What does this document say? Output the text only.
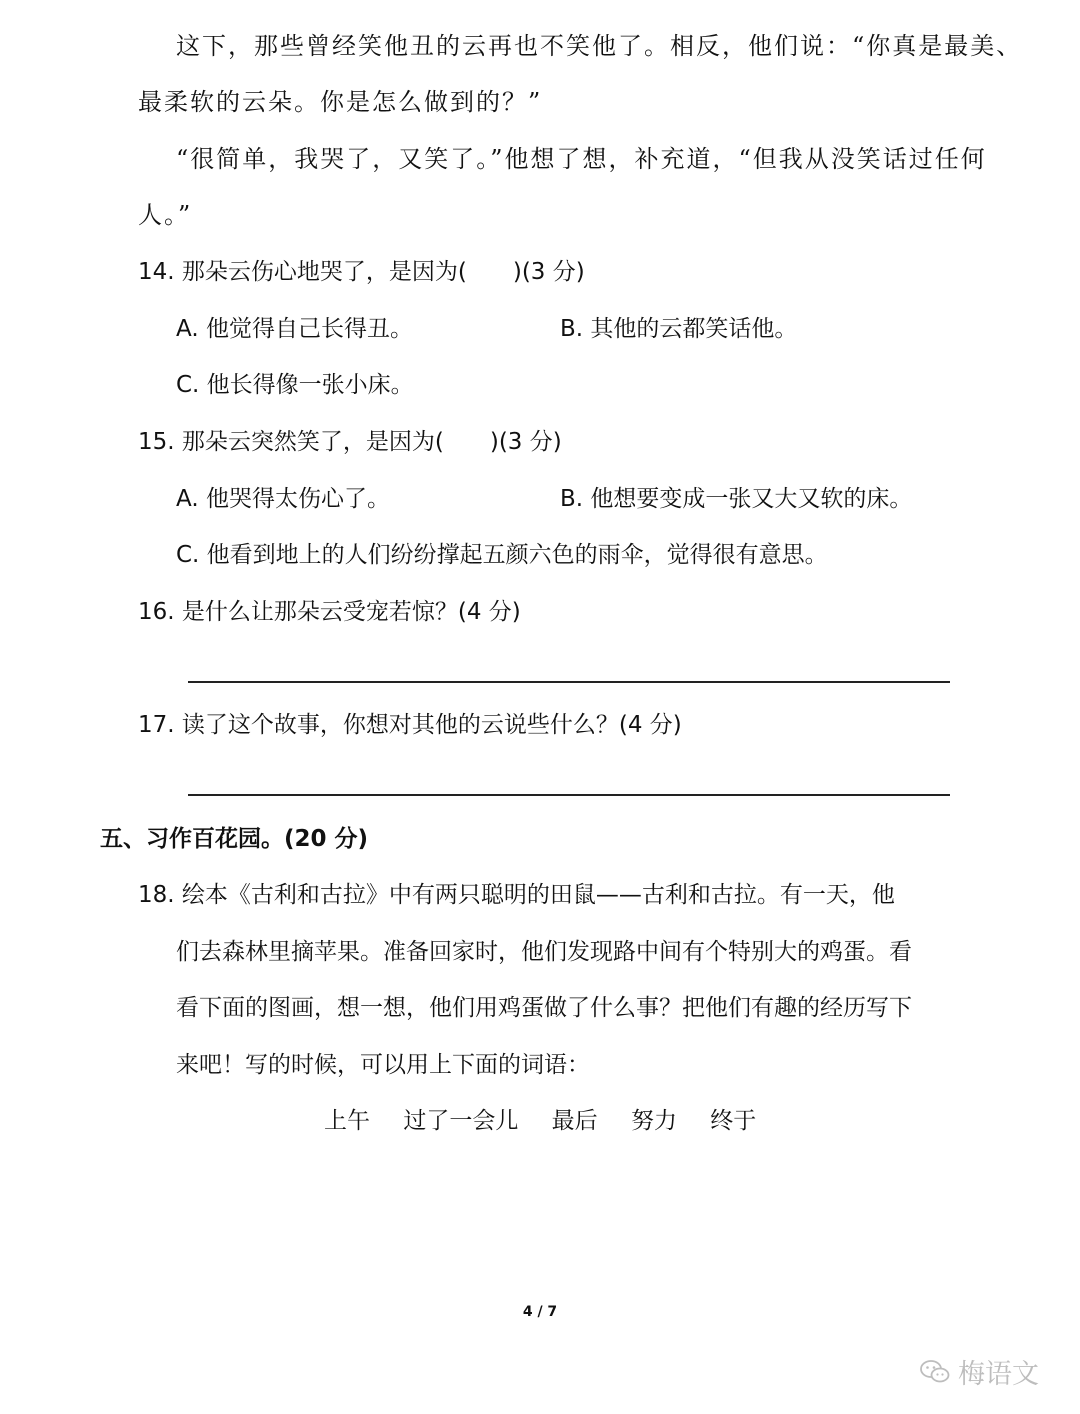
这下，那些曾经笑他丑的云再也不笑他了。相反，他们说：“你真是最美、

最柔软的云朵。你是怎么做到的？”

“很简单，我哭了，又笑了。”他想了想，补充道，“但我从没笑话过任何

人。”

14. 那朵云伤心地哭了，是因为(　　)(3 分)

A. 他觉得自己长得丑。	B. 其他的云都笑话他。

C. 他长得像一张小床。

15. 那朵云突然笑了，是因为(　　)(3 分)

A. 他哭得太伤心了。	B. 他想要变成一张又大又软的床。

C. 他看到地上的人们纷纷撑起五颜六色的雨伞，觉得很有意思。

16. 是什么让那朵云受宠若惊？(4 分)

17. 读了这个故事，你想对其他的云说些什么？(4 分)

五、习作百花园。(20 分)

18. 绘本《古利和古拉》中有两只聪明的田鼠——古利和古拉。有一天，他

们去森林里摘苹果。准备回家时，他们发现路中间有个特别大的鸡蛋。看

看下面的图画，想一想，他们用鸡蛋做了什么事？把他们有趣的经历写下

来吧！写的时候，可以用上下面的词语：

上午 过了一会儿 最后 努力 终于

4 / 7
梅语文
